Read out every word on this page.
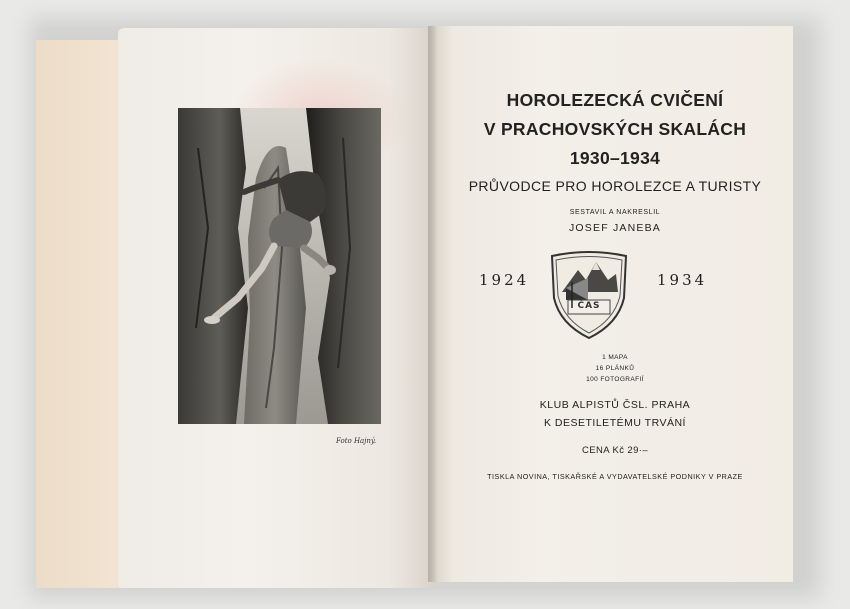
Foto Hajný.
HOROLEZECKÁ CVIČENÍ
V PRACHOVSKÝCH SKALÁCH
1930–1934
PRŮVODCE PRO HOROLEZCE A TURISTY
SESTAVIL A NAKRESLIL
JOSEF JANEBA
1924	1934
ČAS
1 MAPA
16 PLÁNKŮ
100 FOTOGRAFIÍ
KLUB ALPISTŮ ČSL. PRAHA
K DESETILETÉMU TRVÁNÍ
CENA Kč 29·–
TISKLA NOVINA, TISKAŘSKÉ A VYDAVATELSKÉ PODNIKY V PRAZE
